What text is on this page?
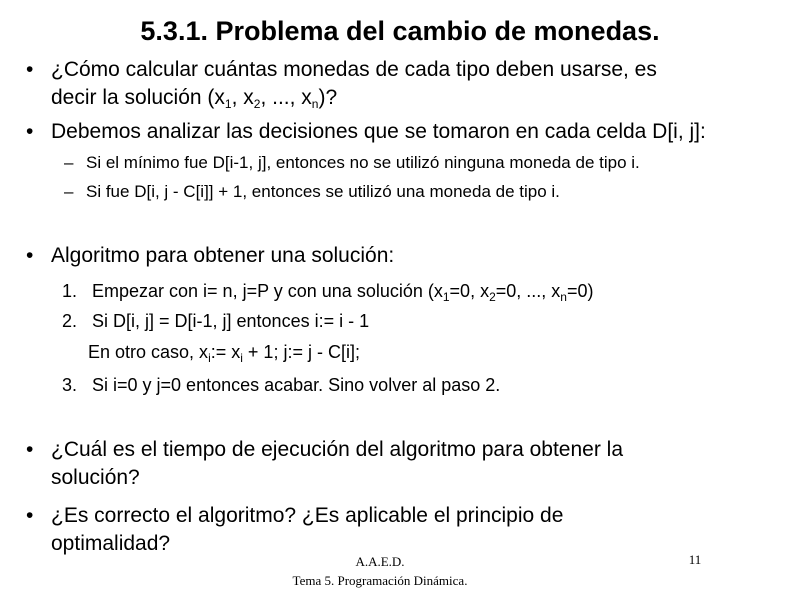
5.3.1. Problema del cambio de monedas.
• ¿Cómo calcular cuántas monedas de cada tipo deben usarse, es
decir la solución ($x_1$, $x_2$, ..., $x_n$)?
• Debemos analizar las decisiones que se tomaron en cada celda D[i, j]:
– Si el mínimo fue D[i-1, j], entonces no se utilizó ninguna moneda de tipo i.
– Si fue D[i, j - C[i]] + 1, entonces se utilizó una moneda de tipo i.
• Algoritmo para obtener una solución:
1. Empezar con i= n, j=P y con una solución ($x_1=0$, $x_2=0$, ..., $x_n=0$)
2. Si D[i, j] = D[i-1, j] entonces i:= i - 1
En otro caso, $x_i:= x_i + 1$; j:= j - C[i];
3. Si i=0 y j=0 entonces acabar. Sino volver al paso 2.
• ¿Cuál es el tiempo de ejecución del algoritmo para obtener la
solución?
• ¿Es correcto el algoritmo? ¿Es aplicable el principio de
optimalidad?
A.A.E.D.
Tema 5. Programación Dinámica.
11
